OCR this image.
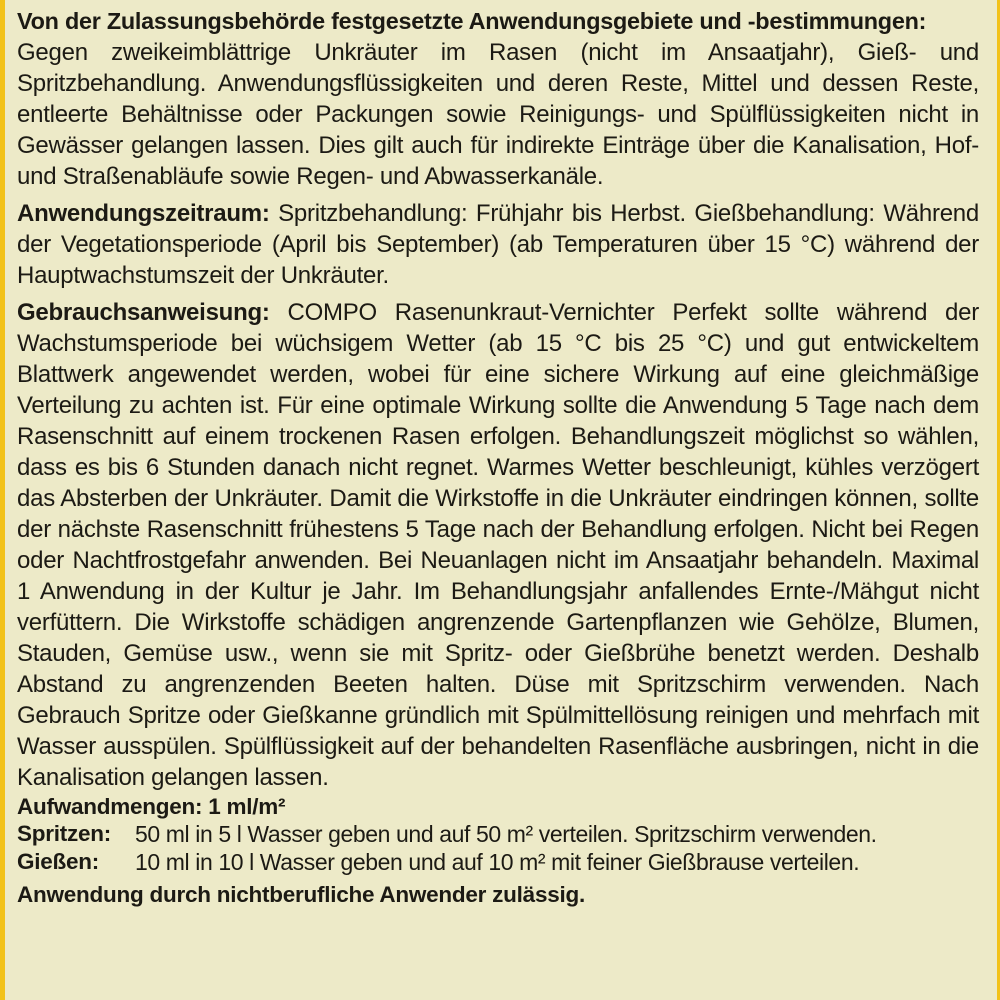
Von der Zulassungsbehörde festgesetzte Anwendungsgebiete und -bestimmungen:
Gegen zweikeimblättrige Unkräuter im Rasen (nicht im Ansaatjahr), Gieß- und Spritzbehandlung. Anwendungsflüssigkeiten und deren Reste, Mittel und dessen Reste, entleerte Behältnisse oder Packungen sowie Reinigungs- und Spülflüssigkeiten nicht in Gewässer gelangen lassen. Dies gilt auch für indirekte Einträge über die Kanalisation, Hof- und Straßenabläufe sowie Regen- und Abwasserkanäle.

Anwendungszeitraum: Spritzbehandlung: Frühjahr bis Herbst. Gießbehandlung: Während der Vegetationsperiode (April bis September) (ab Temperaturen über 15 °C) während der Hauptwachstumszeit der Unkräuter.

Gebrauchsanweisung: COMPO Rasenunkraut-Vernichter Perfekt sollte während der Wachstumsperiode bei wüchsigem Wetter (ab 15 °C bis 25 °C) und gut entwickeltem Blattwerk angewendet werden, wobei für eine sichere Wirkung auf eine gleichmäßige Verteilung zu achten ist. Für eine optimale Wirkung sollte die Anwendung 5 Tage nach dem Rasenschnitt auf einem trockenen Rasen erfolgen. Behandlungszeit möglichst so wählen, dass es bis 6 Stunden danach nicht regnet. Warmes Wetter beschleunigt, kühles verzögert das Absterben der Unkräuter. Damit die Wirkstoffe in die Unkräuter eindringen können, sollte der nächste Rasenschnitt frühestens 5 Tage nach der Behandlung erfolgen. Nicht bei Regen oder Nachtfrostgefahr anwenden. Bei Neuanlagen nicht im Ansaatjahr behandeln. Maximal 1 Anwendung in der Kultur je Jahr. Im Behandlungsjahr anfallendes Ernte-/Mähgut nicht verfüttern. Die Wirkstoffe schädigen angrenzende Gartenpflanzen wie Gehölze, Blumen, Stauden, Gemüse usw., wenn sie mit Spritz- oder Gießbrühe benetzt werden. Deshalb Abstand zu angrenzenden Beeten halten. Düse mit Spritzschirm verwenden. Nach Gebrauch Spritze oder Gießkanne gründlich mit Spülmittellösung reinigen und mehrfach mit Wasser ausspülen. Spülflüssigkeit auf der behandelten Rasenfläche ausbringen, nicht in die Kanalisation gelangen lassen.

Aufwandmengen: 1 ml/m²
Spritzen:	50 ml in 5 l Wasser geben und auf 50 m² verteilen. Spritzschirm verwenden.
Gießen:	10 ml in 10 l Wasser geben und auf 10 m² mit feiner Gießbrause verteilen.
Anwendung durch nichtberufliche Anwender zulässig.
